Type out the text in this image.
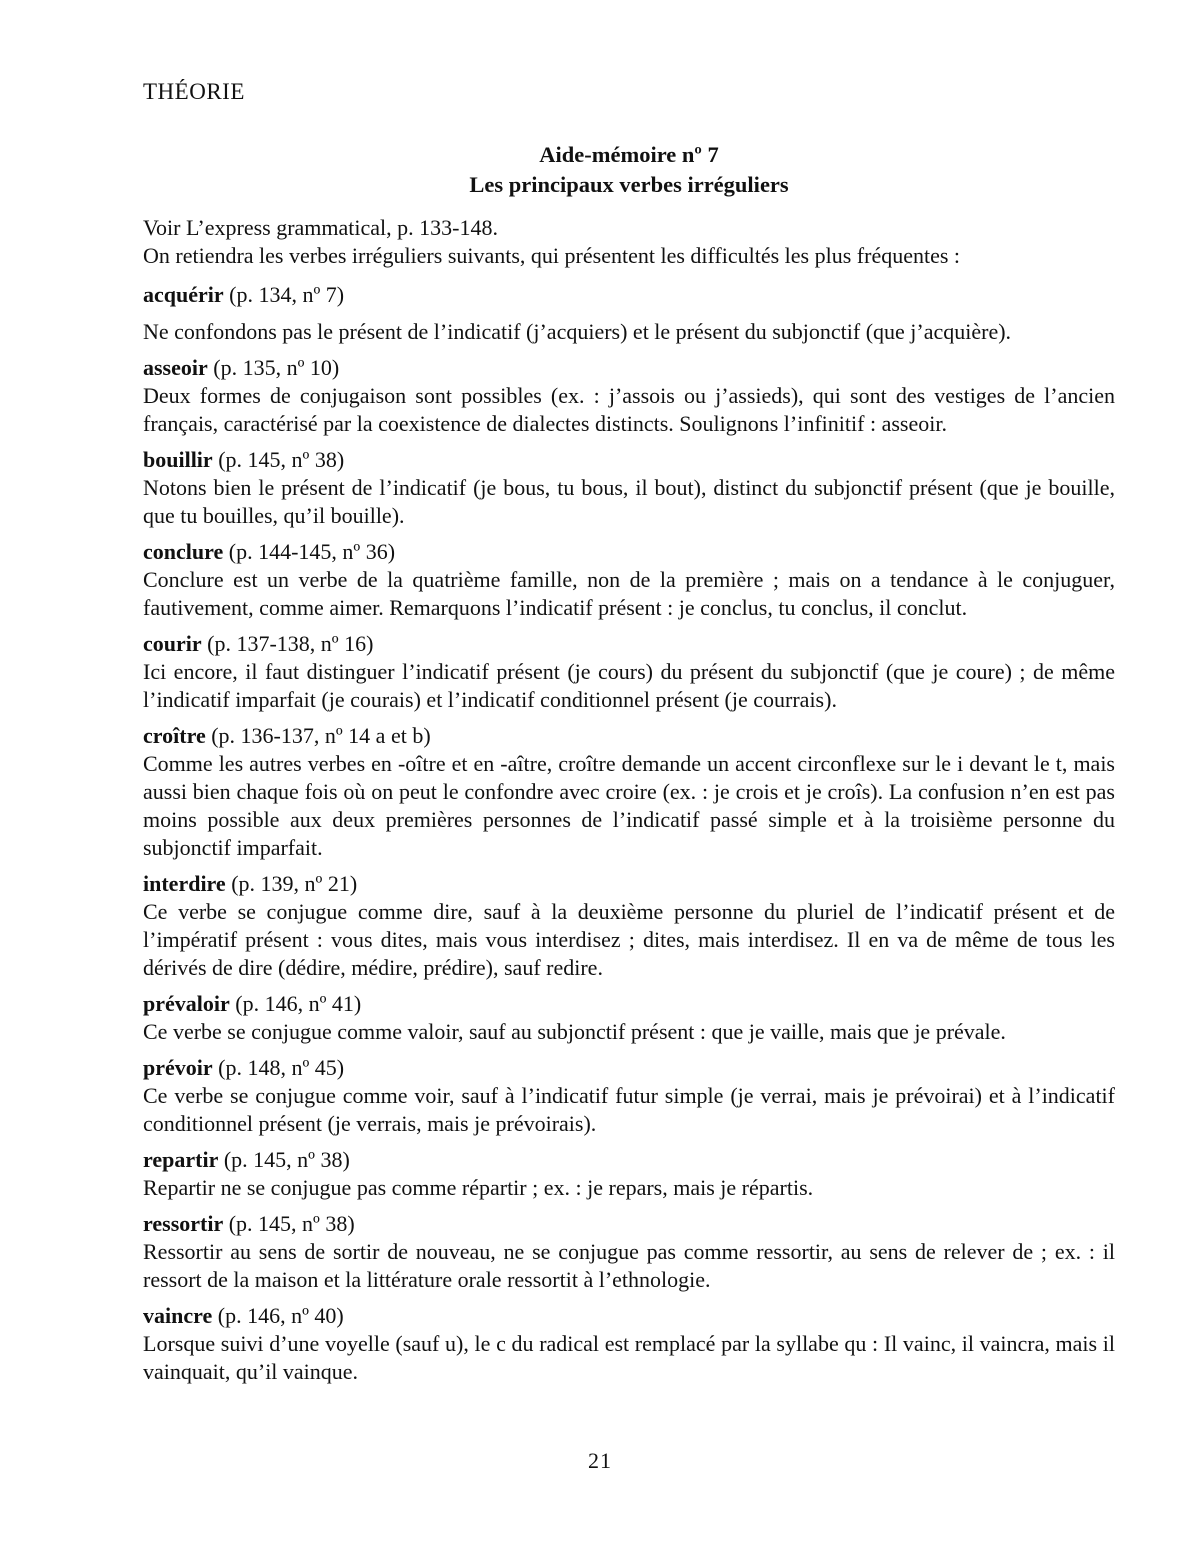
THÉORIE
Aide-mémoire nº 7
Les principaux verbes irréguliers
Voir L’express grammatical, p. 133-148.
On retiendra les verbes irréguliers suivants, qui présentent les difficultés les plus fréquentes :
acquérir (p. 134, nº 7)

Ne confondons pas le présent de l’indicatif (j’acquiers) et le présent du subjonctif (que j’acquière).

asseoir (p. 135, nº 10)

Deux formes de conjugaison sont possibles (ex. : j’assois ou j’assieds), qui sont des vestiges de l’ancien français, caractérisé par la coexistence de dialectes distincts. Soulignons l’infinitif : asseoir.

bouillir (p. 145, nº 38)

Notons bien le présent de l’indicatif (je bous, tu bous, il bout), distinct du subjonctif présent (que je bouille, que tu bouilles, qu’il bouille).

conclure (p. 144-145, nº 36)

Conclure est un verbe de la quatrième famille, non de la première ; mais on a tendance à le conjuguer, fautivement, comme aimer. Remarquons l’indicatif présent : je conclus, tu conclus, il conclut.

courir (p. 137-138, nº 16)

Ici encore, il faut distinguer l’indicatif présent (je cours) du présent du subjonctif (que je coure) ; de même l’indicatif imparfait (je courais) et l’indicatif conditionnel présent (je courrais).

croître (p. 136-137, nº 14 a et b)

Comme les autres verbes en -oître et en -aître, croître demande un accent circonflexe sur le i devant le t, mais aussi bien chaque fois où on peut le confondre avec croire (ex. : je crois et je croîs). La confusion n’en est pas moins possible aux deux premières personnes de l’indicatif passé simple et à la troisième personne du subjonctif imparfait.

interdire (p. 139, nº 21)

Ce verbe se conjugue comme dire, sauf à la deuxième personne du pluriel de l’indicatif présent et de l’impératif présent : vous dites, mais vous interdisez ; dites, mais interdisez. Il en va de même de tous les dérivés de dire (dédire, médire, prédire), sauf redire.

prévaloir (p. 146, nº 41)

Ce verbe se conjugue comme valoir, sauf au subjonctif présent : que je vaille, mais que je prévale.

prévoir (p. 148, nº 45)

Ce verbe se conjugue comme voir, sauf à l’indicatif futur simple (je verrai, mais je prévoirai) et à l’indicatif conditionnel présent (je verrais, mais je prévoirais).

repartir (p. 145, nº 38)

Repartir ne se conjugue pas comme répartir ; ex. : je repars, mais je répartis.

ressortir (p. 145, nº 38)

Ressortir au sens de sortir de nouveau, ne se conjugue pas comme ressortir, au sens de relever de ; ex. : il ressort de la maison et la littérature orale ressortit à l’ethnologie.

vaincre (p. 146, nº 40)

Lorsque suivi d’une voyelle (sauf u), le c du radical est remplacé par la syllabe qu : Il vainc, il vaincra, mais il vainquait, qu’il vainque.

21
